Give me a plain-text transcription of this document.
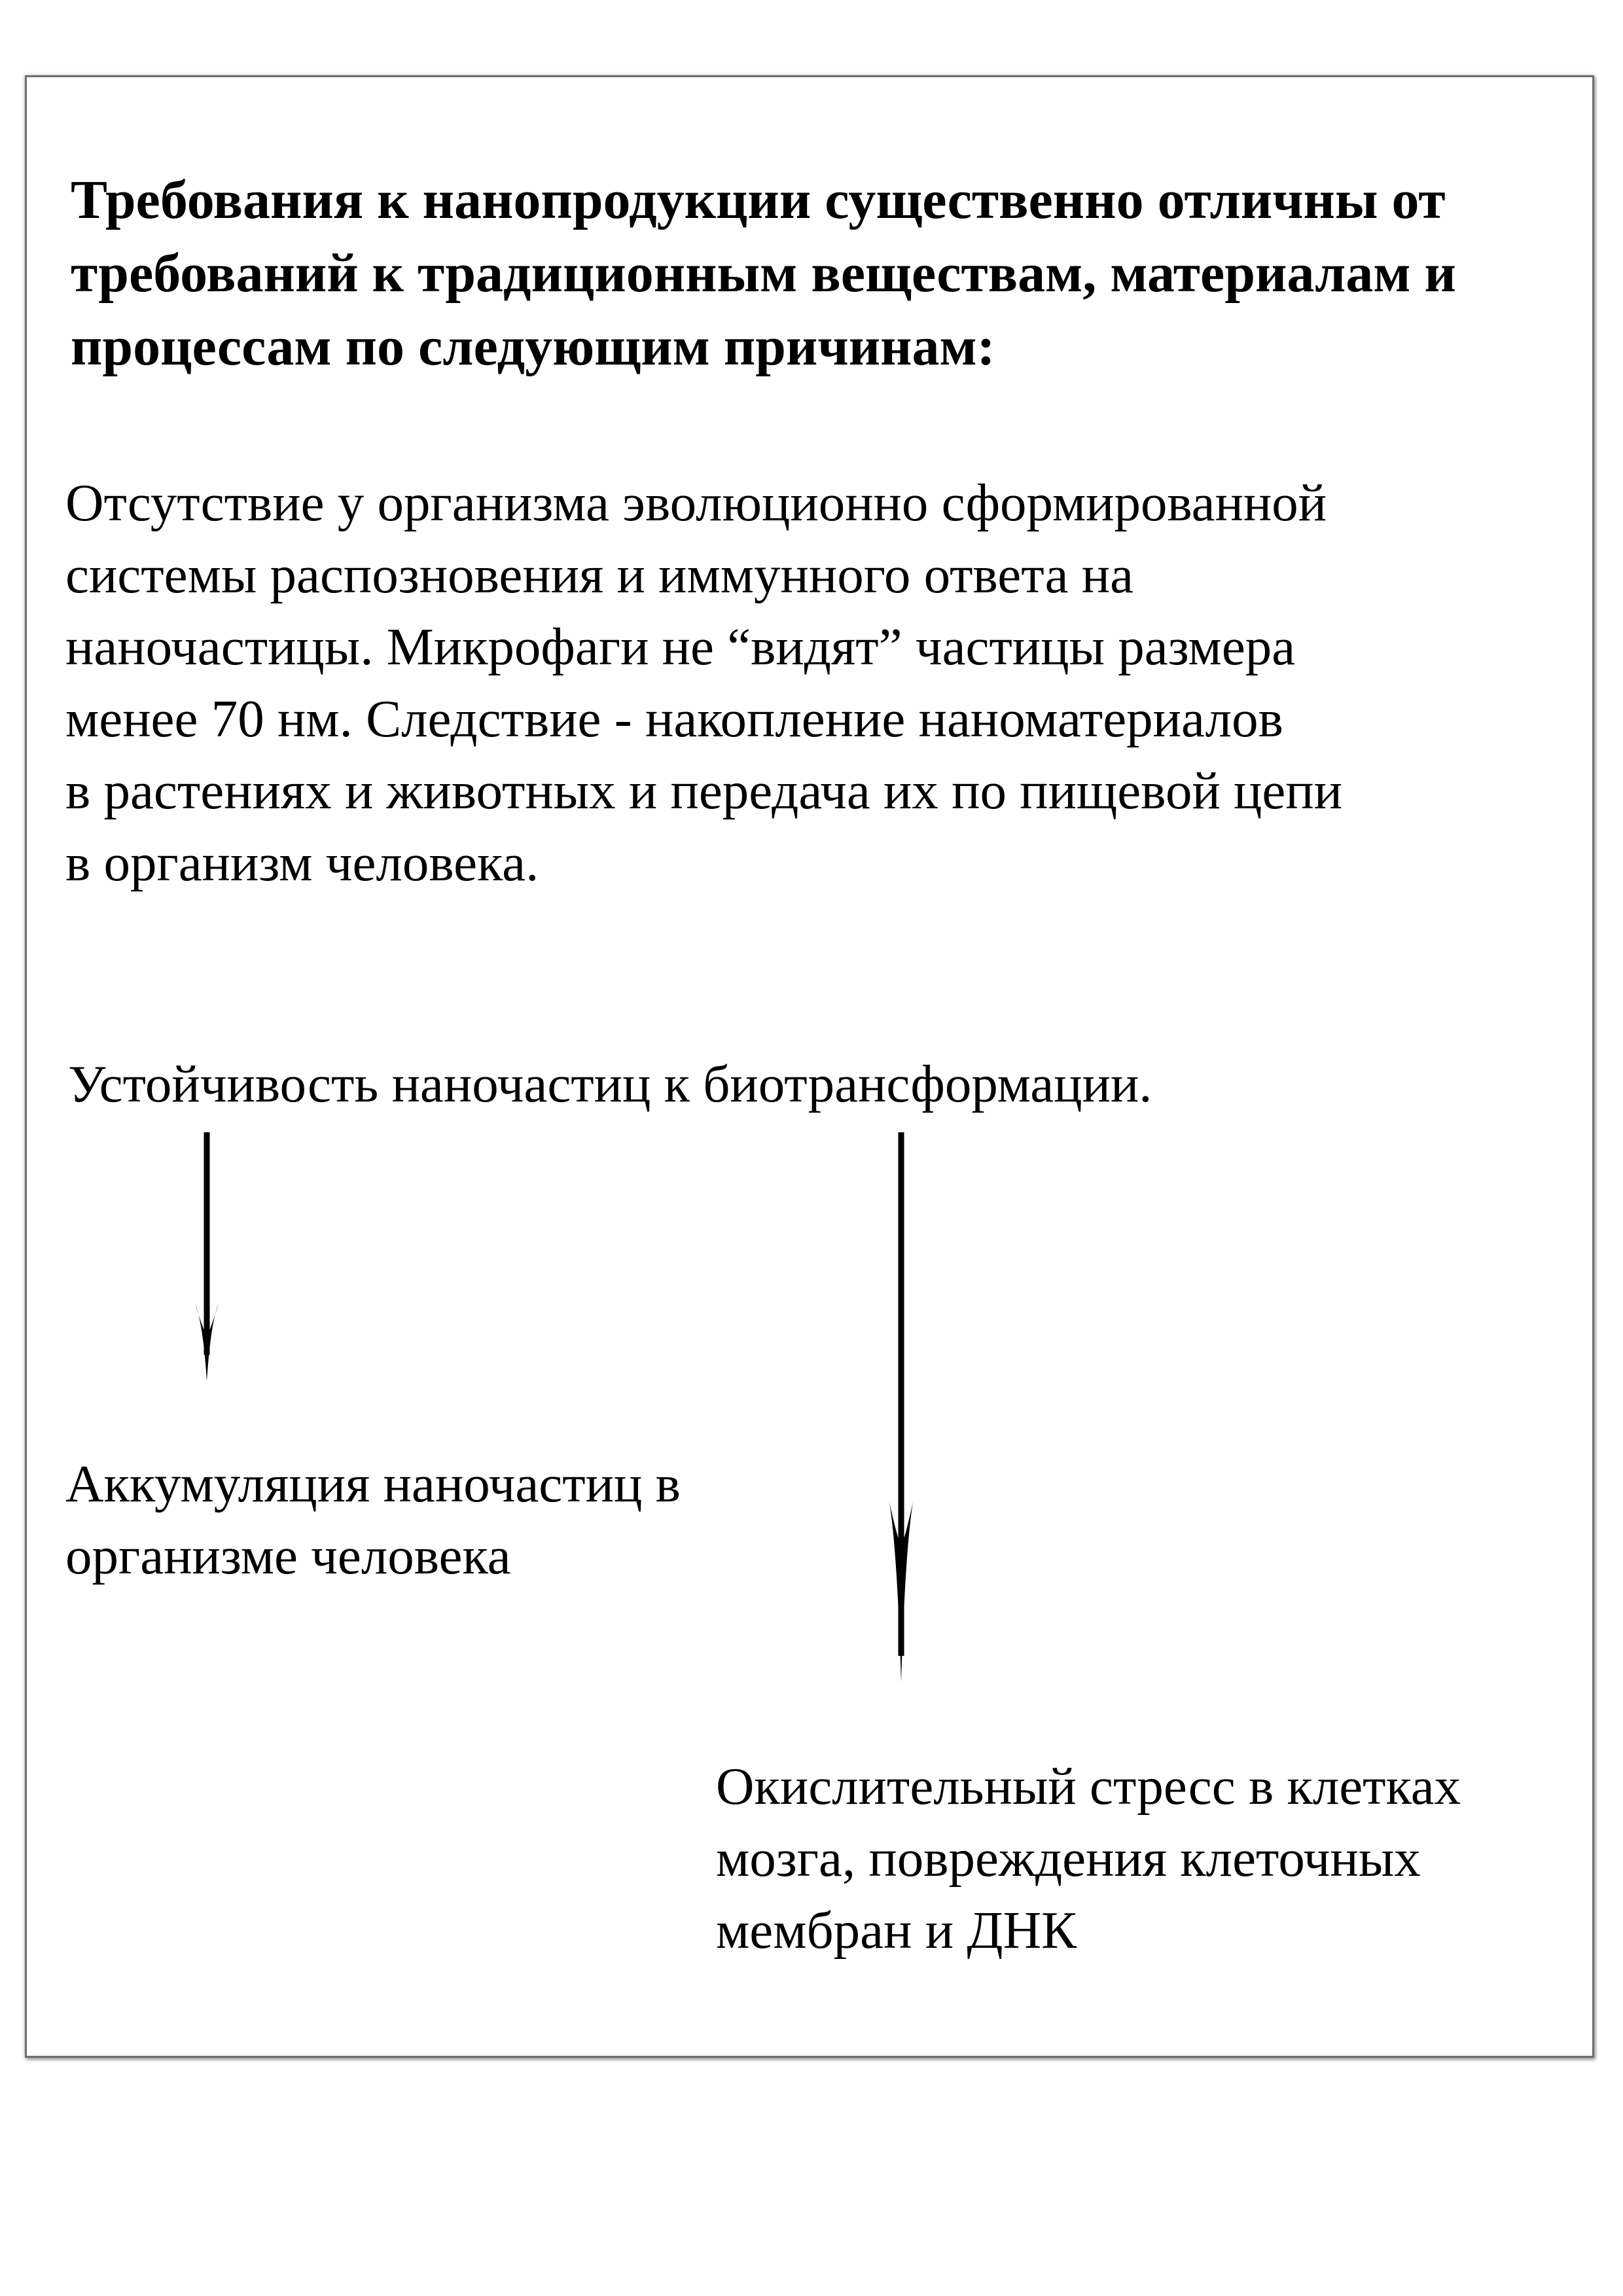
Требования к нанопродукции существенно отличны от
требований к традиционным веществам, материалам и
процессам по следующим причинам:

Отсутствие у организма эволюционно сформированной
системы распозновения и иммунного ответа на
наночастицы. Микрофаги не “видят” частицы размера
менее 70 нм. Следствие - накопление наноматериалов
в растениях и животных и передача их по пищевой цепи
в организм человека.

Устойчивость наночастиц к биотрансформации.

Аккумуляция наночастиц в
организме человека

Окислительный стресс в клетках
мозга, повреждения клеточных
мембран и ДНК
